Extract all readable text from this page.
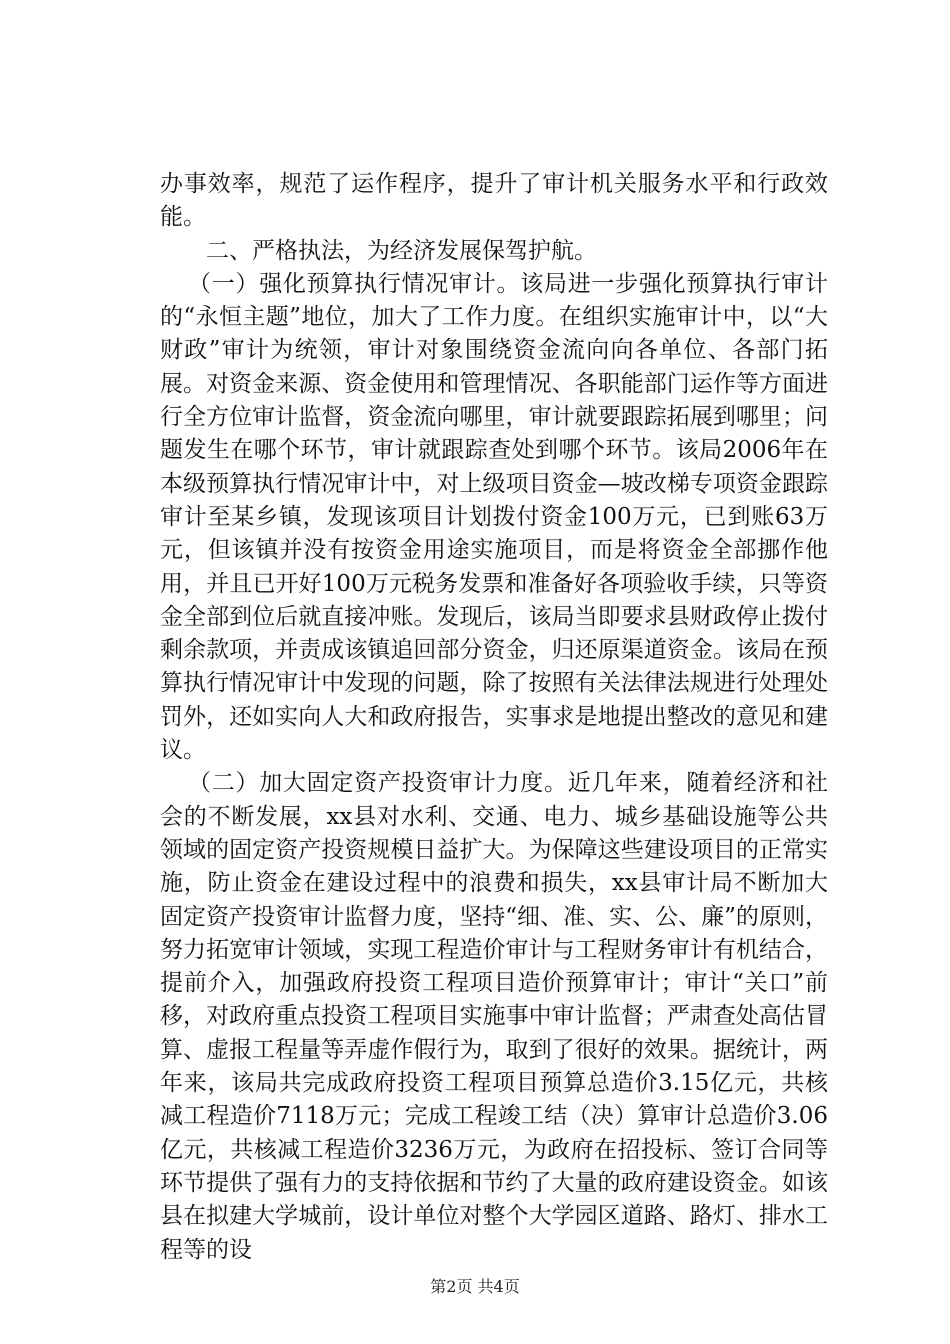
办事效率，规范了运作程序，提升了审计机关服务水平和行政效能。

二、严格执法，为经济发展保驾护航。

（一）强化预算执行情况审计。该局进一步强化预算执行审计的“永恒主题”地位，加大了工作力度。在组织实施审计中，以“大财政”审计为统领，审计对象围绕资金流向向各单位、各部门拓展。对资金来源、资金使用和管理情况、各职能部门运作等方面进行全方位审计监督，资金流向哪里，审计就要跟踪拓展到哪里；问题发生在哪个环节，审计就跟踪查处到哪个环节。该局2006年在本级预算执行情况审计中，对上级项目资金—坡改梯专项资金跟踪审计至某乡镇，发现该项目计划拨付资金100万元，已到账63万元，但该镇并没有按资金用途实施项目，而是将资金全部挪作他用，并且已开好100万元税务发票和准备好各项验收手续，只等资金全部到位后就直接冲账。发现后，该局当即要求县财政停止拨付剩余款项，并责成该镇追回部分资金，归还原渠道资金。该局在预算执行情况审计中发现的问题，除了按照有关法律法规进行处理处罚外，还如实向人大和政府报告，实事求是地提出整改的意见和建议。

（二）加大固定资产投资审计力度。近几年来，随着经济和社会的不断发展，xx县对水利、交通、电力、城乡基础设施等公共领域的固定资产投资规模日益扩大。为保障这些建设项目的正常实施，防止资金在建设过程中的浪费和损失，xx县审计局不断加大固定资产投资审计监督力度，坚持“细、准、实、公、廉”的原则，努力拓宽审计领域，实现工程造价审计与工程财务审计有机结合，提前介入，加强政府投资工程项目造价预算审计；审计“关口”前移，对政府重点投资工程项目实施事中审计监督；严肃查处高估冒算、虚报工程量等弄虚作假行为，取到了很好的效果。据统计，两年来，该局共完成政府投资工程项目预算总造价3.15亿元，共核减工程造价7118万元；完成工程竣工结（决）算审计总造价3.06亿元，共核减工程造价3236万元，为政府在招投标、签订合同等环节提供了强有力的支持依据和节约了大量的政府建设资金。如该县在拟建大学城前，设计单位对整个大学园区道路、路灯、排水工程等的设

第2页 共4页
